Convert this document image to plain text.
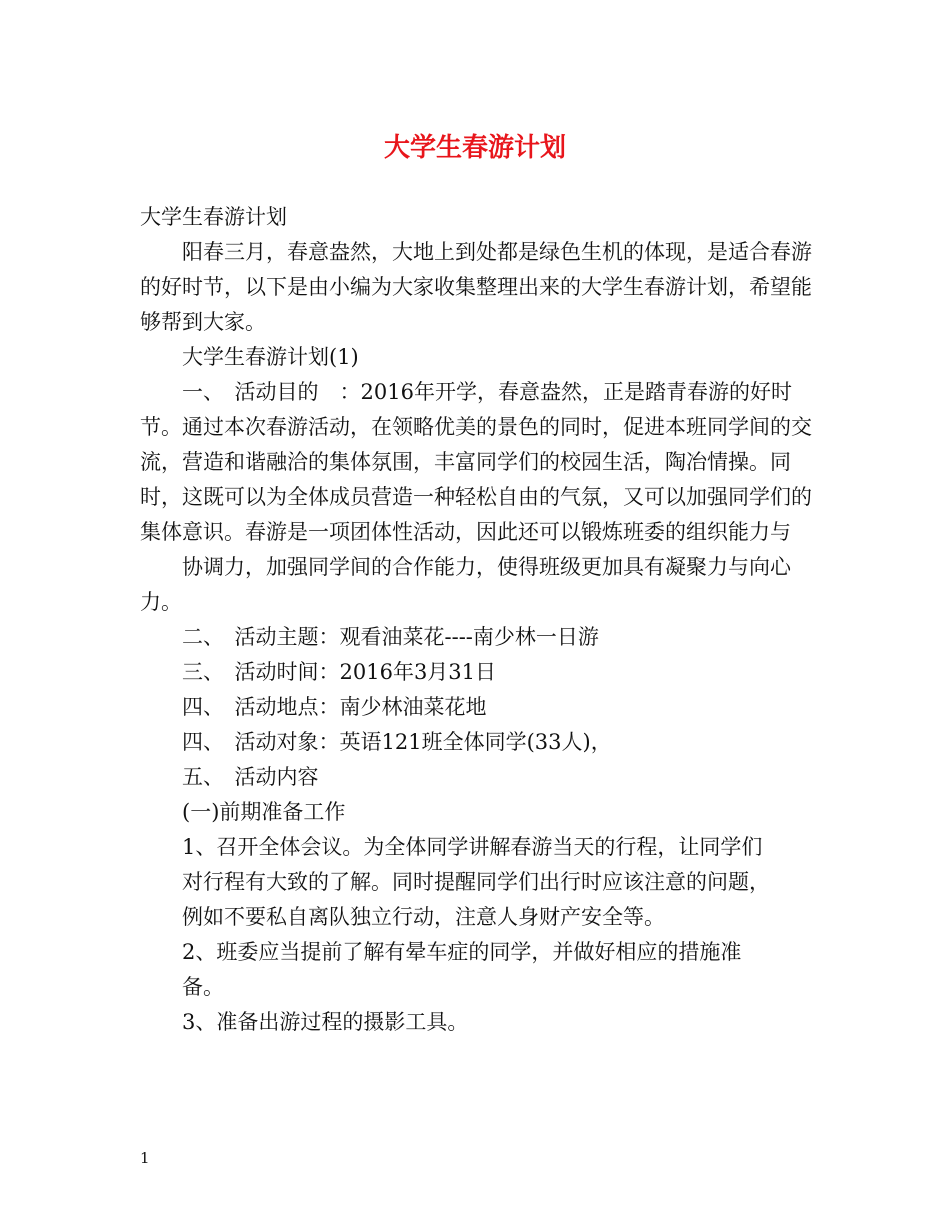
大学生春游计划

大学生春游计划

阳春三月，春意盎然，大地上到处都是绿色生机的体现，是适合春游的好时节，以下是由小编为大家收集整理出来的大学生春游计划，希望能够帮到大家。

大学生春游计划(1)

一、　活动目的　：2016年开学，春意盎然，正是踏青春游的好时节。通过本次春游活动，在领略优美的景色的同时，促进本班同学间的交流，营造和谐融洽的集体氛围，丰富同学们的校园生活，陶冶情操。同时，这既可以为全体成员营造一种轻松自由的气氛，又可以加强同学们的集体意识。春游是一项团体性活动，因此还可以锻炼班委的组织能力与

协调力，加强同学间的合作能力，使得班级更加具有凝聚力与向心力。

二、　活动主题：观看油菜花----南少林一日游

三、　活动时间：2016年3月31日

四、　活动地点：南少林油菜花地

四、　活动对象：英语121班全体同学(33人)，

五、　活动内容

(一)前期准备工作

1、召开全体会议。为全体同学讲解春游当天的行程，让同学们对行程有大致的了解。同时提醒同学们出行时应该注意的问题，例如不要私自离队独立行动，注意人身财产安全等。

2、班委应当提前了解有晕车症的同学，并做好相应的措施准备。

3、准备出游过程的摄影工具。

1
